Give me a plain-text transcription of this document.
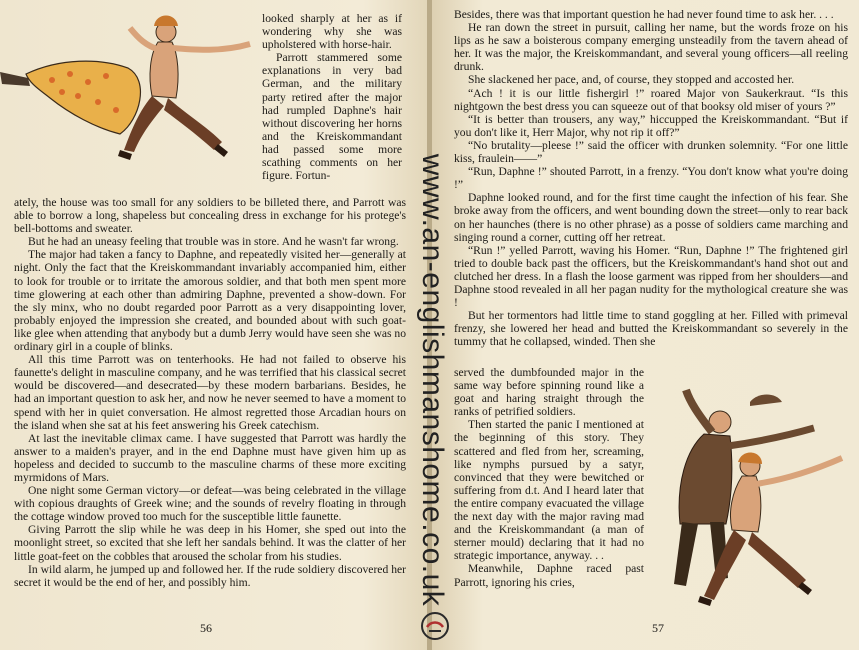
looked sharply at her as if wondering why she was upholstered with horse-hair.

Parrott stammered some explanations in very bad German, and the military party retired after the major had rumpled Daphne's hair without discovering her horns and the Kreiskommandant had passed some more scathing comments on her figure. Fortun-

ately, the house was too small for any soldiers to be billeted there, and Parrott was able to borrow a long, shapeless but concealing dress in exchange for his protege's bell-bottoms and sweater.

But he had an uneasy feeling that trouble was in store. And he wasn't far wrong.

The major had taken a fancy to Daphne, and repeatedly visited her—generally at night. Only the fact that the Kreiskommandant invariably accompanied him, either to look for trouble or to irritate the amorous soldier, and that both men spent more time glowering at each other than admiring Daphne, prevented a show-down. For the sly minx, who no doubt regarded poor Parrott as a very disappointing lover, probably enjoyed the impression she created, and bounded about with such goat-like glee when attending that anybody but a dumb Jerry would have seen she was no ordinary girl in a couple of blinks.

All this time Parrott was on tenterhooks. He had not failed to observe his faunette's delight in masculine company, and he was terrified that his classical secret would be discovered—and desecrated—by these modern barbarians. Besides, he had an important question to ask her, and now he never seemed to have a moment to spend with her in quiet conversation. He almost regretted those Arcadian hours on the island when she sat at his feet answering his Greek catechism.

At last the inevitable climax came. I have suggested that Parrott was hardly the answer to a maiden's prayer, and in the end Daphne must have given him up as hopeless and decided to succumb to the masculine charms of these more exciting myrmidons of Mars.

One night some German victory—or defeat—was being celebrated in the village with copious draughts of Greek wine; and the sounds of revelry floating in through the cottage window proved too much for the susceptible little faunette.

Giving Parrott the slip while he was deep in his Homer, she sped out into the moonlight street, so excited that she left her sandals behind. It was the clatter of her little goat-feet on the cobbles that aroused the scholar from his studies.

In wild alarm, he jumped up and followed her. If the rude soldiery discovered her secret it would be the end of her, and possibly him.

56

Besides, there was that important question he had never found time to ask her. . . .

He ran down the street in pursuit, calling her name, but the words froze on his lips as he saw a boisterous company emerging unsteadily from the tavern ahead of her. It was the major, the Kreiskommandant, and several young officers—all reeling drunk.

She slackened her pace, and, of course, they stopped and accosted her.

“Ach ! it is our little fishergirl !” roared Major von Saukerkraut. “Is this nightgown the best dress you can squeeze out of that booksy old miser of yours ?”

“It is better than trousers, any way,” hiccupped the Kreiskommandant. “But if you don't like it, Herr Major, why not rip it off?”

“No brutality—pleese !” said the officer with drunken solemnity. “For one little kiss, fraulein——”

“Run, Daphne !” shouted Parrott, in a frenzy. “You don't know what you're doing !”

Daphne looked round, and for the first time caught the infection of his fear. She broke away from the officers, and went bounding down the street—only to rear back on her haunches (there is no other phrase) as a posse of soldiers came marching and singing round a corner, cutting off her retreat.

“Run !” yelled Parrott, waving his Homer. “Run, Daphne !” The frightened girl tried to double back past the officers, but the Kreiskommandant's hand shot out and clutched her dress. In a flash the loose garment was ripped from her shoulders—and Daphne stood revealed in all her pagan nudity for the mythological creature she was !

But her tormentors had little time to stand goggling at her. Filled with primeval frenzy, she lowered her head and butted the Kreiskommandant so severely in the tummy that he collapsed, winded. Then she

served the dumbfounded major in the same way before spinning round like a goat and haring straight through the ranks of petrified soldiers.

Then started the panic I mentioned at the beginning of this story. They scattered and fled from her, screaming, like nymphs pursued by a satyr, convinced that they were bewitched or suffering from d.t. And I heard later that the entire company evacuated the village the next day with the major raving mad and the Kreiskommandant (a man of sterner mould) declaring that it had no strategic importance, anyway. . .

Meanwhile, Daphne raced past Parrott, ignoring his cries,

57
www.an-englishmanshome.co.uk
